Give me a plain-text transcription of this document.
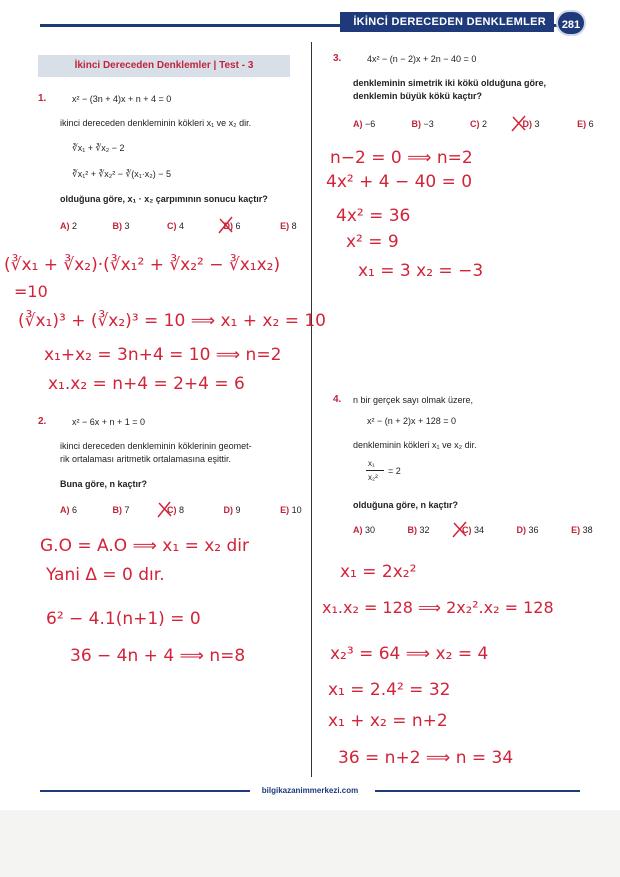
İKİNCİ DERECEDEN DENKLEMLER	281
İkinci Dereceden Denklemler | Test - 3
1.	x² − (3n + 4)x + n + 4 = 0
ikinci dereceden denkleminin kökleri x₁ ve x₂ dir.
∛x₁ + ∛x₂ − 2
∛x₁² + ∛x₂² − ∛(x₁·x₂) − 5
olduğuna göre, x₁ · x₂ çarpımının sonucu kaçtır?
A) 2	B) 3	C) 4	D) 6	E) 8
2.	x² − 6x + n + 1 = 0
ikinci dereceden denkleminin köklerinin geomet-
rik ortalaması aritmetik ortalamasına eşittir.
Buna göre, n kaçtır?
A) 6	B) 7	C) 8	D) 9	E) 10
3.	4x² − (n − 2)x + 2n − 40 = 0
denkleminin simetrik iki kökü olduğuna göre,
denklemin büyük kökü kaçtır?
A) −6	B) −3	C) 2	D) 3	E) 6
4. n bir gerçek sayı olmak üzere,
x² − (n + 2)x + 128 = 0
denkleminin kökleri x₁ ve x₂ dir.
x₁
x₂²
= 2
olduğuna göre, n kaçtır?
A) 30	B) 32	C) 34	D) 36	E) 38
bilgikazanimmerkezi.com
(∛x₁ + ∛x₂)·(∛x₁² + ∛x₂² − ∛x₁x₂)
=10
(∛x₁)³ + (∛x₂)³ = 10 ⟹ x₁ + x₂ = 10
x₁+x₂ = 3n+4 = 10 ⟹ n=2
x₁.x₂ = n+4 = 2+4 = 6
G.O = A.O ⟹ x₁ = x₂ dir
Yani Δ = 0 dır.
6² − 4.1(n+1) = 0
36 − 4n + 4 ⟹ n=8
n−2 = 0 ⟹ n=2
4x² + 4 − 40 = 0
4x² = 36
x² = 9
x₁ = 3 x₂ = −3
x₁ = 2x₂²
x₁.x₂ = 128 ⟹ 2x₂².x₂ = 128
x₂³ = 64 ⟹ x₂ = 4
x₁ = 2.4² = 32
x₁ + x₂ = n+2
36 = n+2 ⟹ n = 34
